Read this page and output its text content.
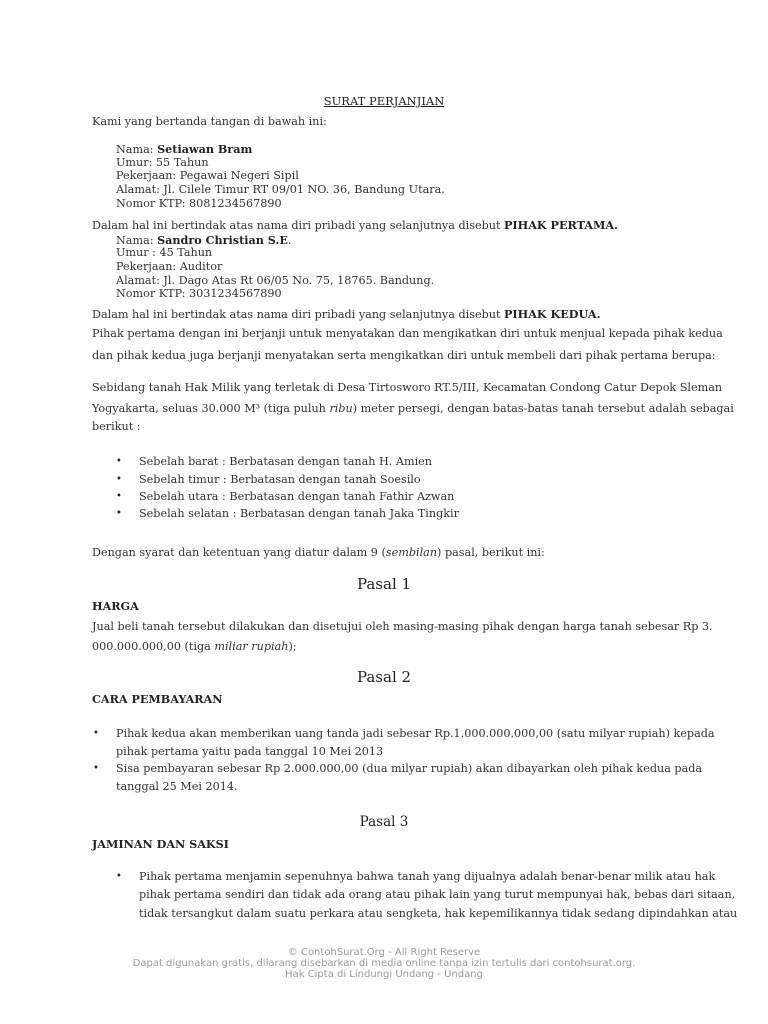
SURAT PERJANJIAN
Kami yang bertanda tangan di bawah ini:
Nama: Setiawan Bram
Umur: 55 Tahun
Pekerjaan: Pegawai Negeri Sipil
Alamat: Jl. Cilele Timur RT 09/01 NO. 36, Bandung Utara.
Nomor KTP: 8081234567890
Dalam hal ini bertindak atas nama diri pribadi yang selanjutnya disebut PIHAK PERTAMA.
Nama: Sandro Christian S.E.
Umur : 45 Tahun
Pekerjaan: Auditor
Alamat: Jl. Dago Atas Rt 06/05 No. 75, 18765. Bandung.
Nomor KTP: 3031234567890
Dalam hal ini bertindak atas nama diri pribadi yang selanjutnya disebut PIHAK KEDUA.
Pihak pertama dengan ini berjanji untuk menyatakan dan mengikatkan diri untuk menjual kepada pihak kedua
dan pihak kedua juga berjanji menyatakan serta mengikatkan diri untuk membeli dari pihak pertama berupa:
Sebidang tanah Hak Milik yang terletak di Desa Tirtosworo RT.5/III, Kecamatan Condong Catur Depok Sleman
Yogyakarta, seluas 30.000 M³ (tiga puluh ribu) meter persegi, dengan batas-batas tanah tersebut adalah sebagai
berikut :
• Sebelah barat : Berbatasan dengan tanah H. Amien
• Sebelah timur : Berbatasan dengan tanah Soesilo
• Sebelah utara : Berbatasan dengan tanah Fathir Azwan
• Sebelah selatan : Berbatasan dengan tanah Jaka Tingkir
Dengan syarat dan ketentuan yang diatur dalam 9 (sembilan) pasal, berikut ini:
Pasal 1
HARGA
Jual beli tanah tersebut dilakukan dan disetujui oleh masing-masing pihak dengan harga tanah sebesar Rp 3.
000.000.000,00 (tiga miliar rupiah);
Pasal 2
CARA PEMBAYARAN
• Pihak kedua akan memberikan uang tanda jadi sebesar Rp.1.000.000.000,00 (satu milyar rupiah) kepada
pihak pertama yaitu pada tanggal 10 Mei 2013
• Sisa pembayaran sebesar Rp 2.000.000,00 (dua milyar rupiah) akan dibayarkan oleh pihak kedua pada
tanggal 25 Mei 2014.
Pasal 3
JAMINAN DAN SAKSI
• Pihak pertama menjamin sepenuhnya bahwa tanah yang dijualnya adalah benar-benar milik atau hak
pihak pertama sendiri dan tidak ada orang atau pihak lain yang turut mempunyai hak, bebas dari sitaan,
tidak tersangkut dalam suatu perkara atau sengketa, hak kepemilikannya tidak sedang dipindahkan atau
© ContohSurat.Org - All Right Reserve
Dapat digunakan gratis, dilarang disebarkan di media online tanpa izin tertulis dari contohsurat.org.
Hak Cipta di Lindungi Undang - Undang
